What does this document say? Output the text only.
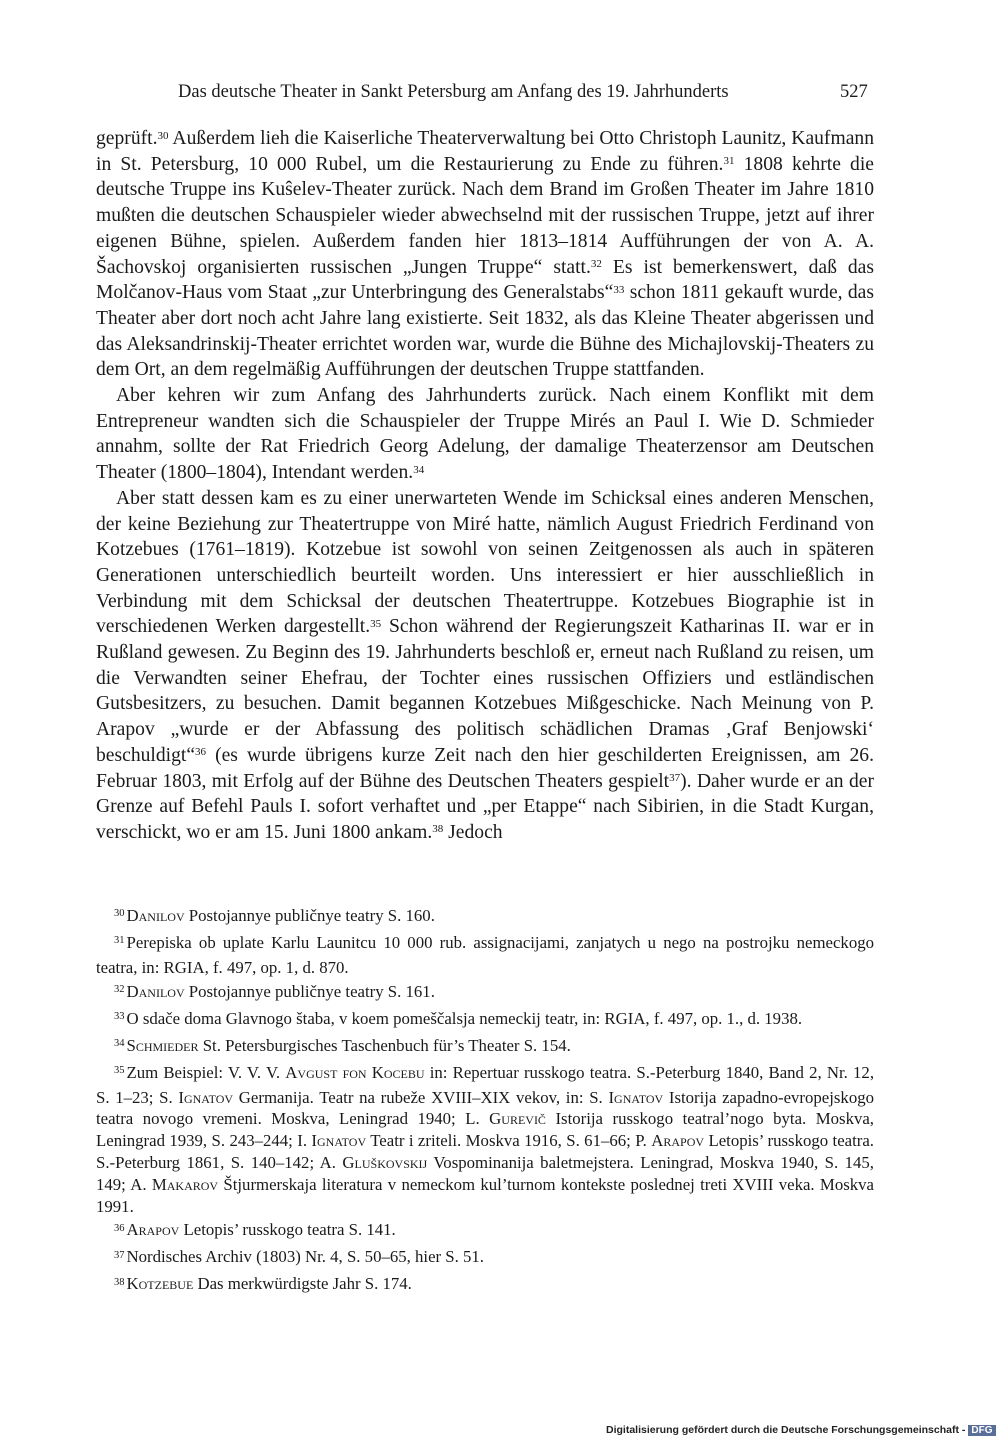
Das deutsche Theater in Sankt Petersburg am Anfang des 19. Jahrhunderts	527

geprüft.$^{30}$ Außerdem lieh die Kaiserliche Theaterverwaltung bei Otto Christoph Launitz, Kaufmann in St. Petersburg, 10 000 Rubel, um die Restaurierung zu Ende zu führen.$^{31}$ 1808 kehrte die deutsche Truppe ins Kuŝelev-Theater zurück. Nach dem Brand im Großen Theater im Jahre 1810 mußten die deutschen Schauspieler wieder abwechselnd mit der russischen Truppe, jetzt auf ihrer eigenen Bühne, spielen. Außerdem fanden hier 1813–1814 Aufführungen der von A. A. Šachovskoj organisierten russischen „Jungen Truppe“ statt.$^{32}$ Es ist bemerkenswert, daß das Molčanov-Haus vom Staat „zur Unterbringung des Generalstabs“$^{33}$ schon 1811 gekauft wurde, das Theater aber dort noch acht Jahre lang existierte. Seit 1832, als das Kleine Theater abgerissen und das Aleksandrinskij-Theater errichtet worden war, wurde die Bühne des Michajlovskij-Theaters zu dem Ort, an dem regelmäßig Aufführungen der deutschen Truppe stattfanden.

Aber kehren wir zum Anfang des Jahrhunderts zurück. Nach einem Konflikt mit dem Entrepreneur wandten sich die Schauspieler der Truppe Mirés an Paul I. Wie D. Schmieder annahm, sollte der Rat Friedrich Georg Adelung, der damalige Theaterzensor am Deutschen Theater (1800–1804), Intendant werden.$^{34}$

Aber statt dessen kam es zu einer unerwarteten Wende im Schicksal eines anderen Menschen, der keine Beziehung zur Theatertruppe von Miré hatte, nämlich August Friedrich Ferdinand von Kotzebues (1761–1819). Kotzebue ist sowohl von seinen Zeitgenossen als auch in späteren Generationen unterschiedlich beurteilt worden. Uns interessiert er hier ausschließlich in Verbindung mit dem Schicksal der deutschen Theatertruppe. Kotzebues Biographie ist in verschiedenen Werken dargestellt.$^{35}$ Schon während der Regierungszeit Katharinas II. war er in Rußland gewesen. Zu Beginn des 19. Jahrhunderts beschloß er, erneut nach Rußland zu reisen, um die Verwandten seiner Ehefrau, der Tochter eines russischen Offiziers und estländischen Gutsbesitzers, zu besuchen. Damit begannen Kotzebues Mißgeschicke. Nach Meinung von P. Arapov „wurde er der Abfassung des politisch schädlichen Dramas ‚Graf Benjowski‘ beschuldigt“$^{36}$ (es wurde übrigens kurze Zeit nach den hier geschilderten Ereignissen, am 26. Februar 1803, mit Erfolg auf der Bühne des Deutschen Theaters gespielt$^{37}$). Daher wurde er an der Grenze auf Befehl Pauls I. sofort verhaftet und „per Etappe“ nach Sibirien, in die Stadt Kurgan, verschickt, wo er am 15. Juni 1800 ankam.$^{38}$ Jedoch

$^{30}$ Danilov Postojannye publičnye teatry S. 160.
$^{31}$ Perepiska ob uplate Karlu Launitcu 10 000 rub. assignacijami, zanjatych u nego na postrojku nemeckogo teatra, in: RGIA, f. 497, op. 1, d. 870.
$^{32}$ Danilov Postojannye publičnye teatry S. 161.
$^{33}$ O sdače doma Glavnogo štaba, v koem pomeščalsja nemeckij teatr, in: RGIA, f. 497, op. 1., d. 1938.
$^{34}$ Schmieder St. Petersburgisches Taschenbuch für’s Theater S. 154.
$^{35}$ Zum Beispiel: V. V. V. Avgust fon Kocebu in: Repertuar russkogo teatra. S.-Peterburg 1840, Band 2, Nr. 12, S. 1–23; S. Ignatov Germanija. Teatr na rubeže XVIII–XIX vekov, in: S. Ignatov Istorija zapadno-evropejskogo teatra novogo vremeni. Moskva, Leningrad 1940; L. Gurevič Istorija russkogo teatral’nogo byta. Moskva, Leningrad 1939, S. 243–244; I. Ignatov Teatr i zriteli. Moskva 1916, S. 61–66; P. Arapov Letopis’ russkogo teatra. S.-Peterburg 1861, S. 140–142; A. Gluškovskij Vospominanija baletmejstera. Leningrad, Moskva 1940, S. 145, 149; A. Makarov Štjurmerskaja literatura v nemeckom kul’turnom kontekste poslednej treti XVIII veka. Moskva 1991.
$^{36}$ Arapov Letopis’ russkogo teatra S. 141.
$^{37}$ Nordisches Archiv (1803) Nr. 4, S. 50–65, hier S. 51.
$^{38}$ Kotzebue Das merkwürdigste Jahr S. 174.
Digitalisierung gefördert durch die Deutsche Forschungsgemeinschaft - DFG
